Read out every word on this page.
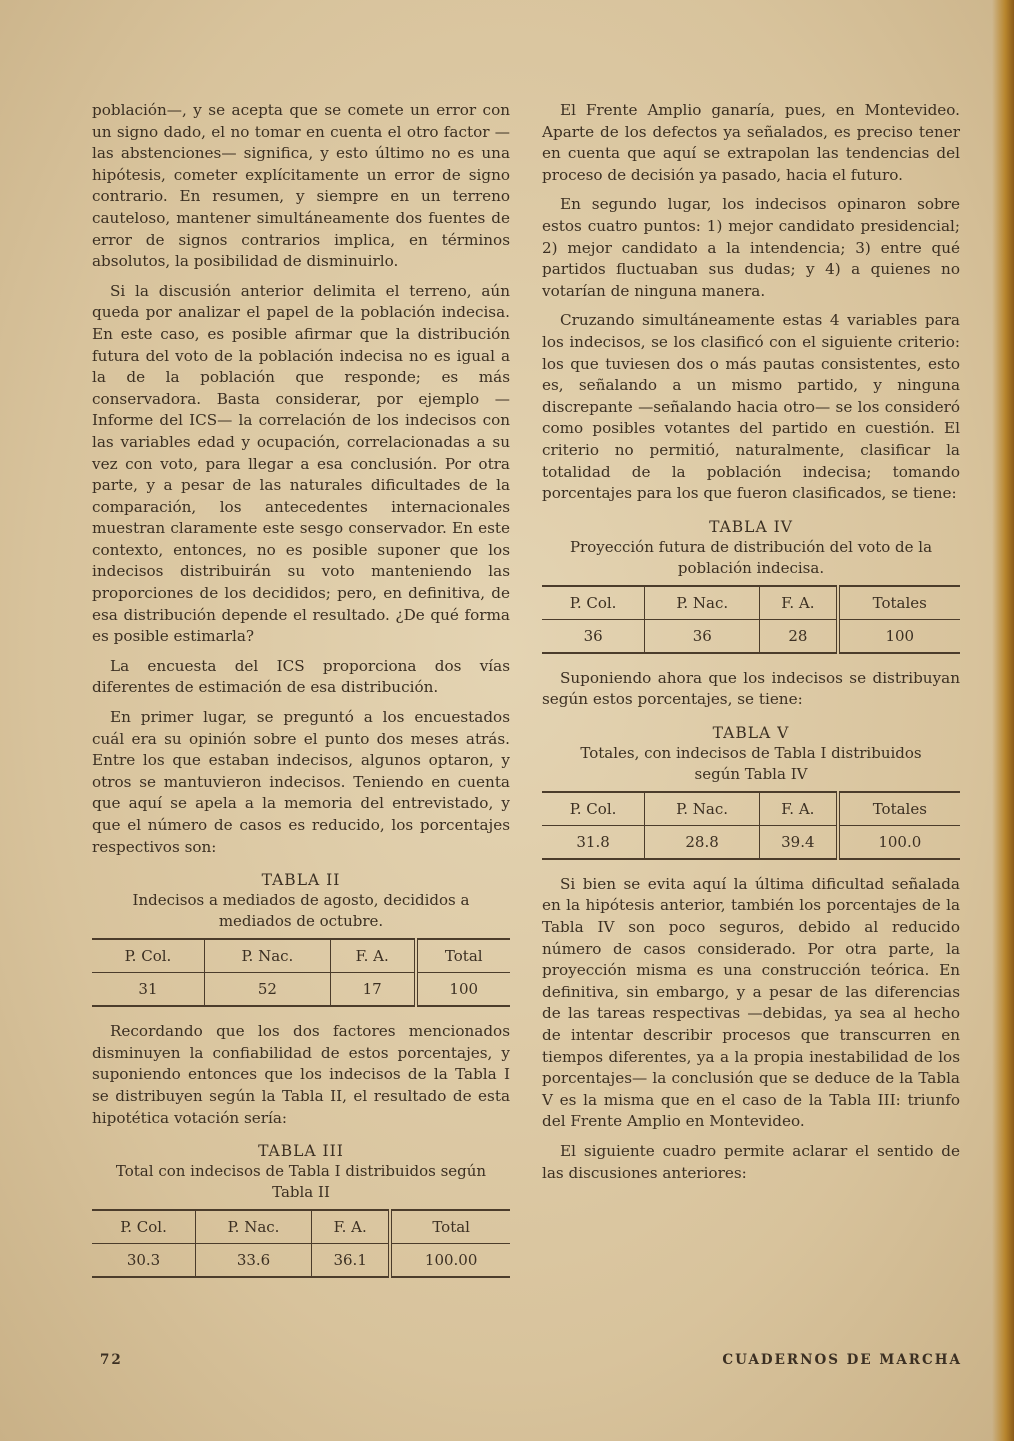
población—, y se acepta que se comete un error con un signo dado, el no tomar en cuenta el otro factor —las abstenciones— significa, y esto último no es una hipótesis, cometer explícitamente un error de signo contrario. En resumen, y siempre en un terreno cauteloso, mantener simultáneamente dos fuentes de error de signos contrarios implica, en términos absolutos, la posibilidad de disminuirlo.

Si la discusión anterior delimita el terreno, aún queda por analizar el papel de la población indecisa. En este caso, es posible afirmar que la distribución futura del voto de la población indecisa no es igual a la de la población que responde; es más conservadora. Basta considerar, por ejemplo —Informe del ICS— la correlación de los indecisos con las variables edad y ocupación, correlacionadas a su vez con voto, para llegar a esa conclusión. Por otra parte, y a pesar de las naturales dificultades de la comparación, los antecedentes internacionales muestran claramente este sesgo conservador. En este contexto, entonces, no es posible suponer que los indecisos distribuirán su voto manteniendo las proporciones de los decididos; pero, en definitiva, de esa distribución depende el resultado. ¿De qué forma es posible estimarla?

La encuesta del ICS proporciona dos vías diferentes de estimación de esa distribución.

En primer lugar, se preguntó a los encuestados cuál era su opinión sobre el punto dos meses atrás. Entre los que estaban indecisos, algunos optaron, y otros se mantuvieron indecisos. Teniendo en cuenta que aquí se apela a la memoria del entrevistado, y que el número de casos es reducido, los porcentajes respectivos son:

TABLA II
Indecisos a mediados de agosto, decididos a mediados de octubre.
P. Col.	P. Nac.	F. A.	Total
31	52	17	100

Recordando que los dos factores mencionados disminuyen la confiabilidad de estos porcentajes, y suponiendo entonces que los indecisos de la Tabla I se distribuyen según la Tabla II, el resultado de esta hipotética votación sería:

TABLA III
Total con indecisos de Tabla I distribuidos según Tabla II
P. Col.	P. Nac.	F. A.	Total
30.3	33.6	36.1	100.00

El Frente Amplio ganaría, pues, en Montevideo. Aparte de los defectos ya señalados, es preciso tener en cuenta que aquí se extrapolan las tendencias del proceso de decisión ya pasado, hacia el futuro.

En segundo lugar, los indecisos opinaron sobre estos cuatro puntos: 1) mejor candidato presidencial; 2) mejor candidato a la intendencia; 3) entre qué partidos fluctuaban sus dudas; y 4) a quienes no votarían de ninguna manera.

Cruzando simultáneamente estas 4 variables para los indecisos, se los clasificó con el siguiente criterio: los que tuviesen dos o más pautas consistentes, esto es, señalando a un mismo partido, y ninguna discrepante —señalando hacia otro— se los consideró como posibles votantes del partido en cuestión. El criterio no permitió, naturalmente, clasificar la totalidad de la población indecisa; tomando porcentajes para los que fueron clasificados, se tiene:

TABLA IV
Proyección futura de distribución del voto de la población indecisa.
P. Col.	P. Nac.	F. A.	Totales
36	36	28	100

Suponiendo ahora que los indecisos se distribuyan según estos porcentajes, se tiene:

TABLA V
Totales, con indecisos de Tabla I distribuidos según Tabla IV
P. Col.	P. Nac.	F. A.	Totales
31.8	28.8	39.4	100.0

Si bien se evita aquí la última dificultad señalada en la hipótesis anterior, también los porcentajes de la Tabla IV son poco seguros, debido al reducido número de casos considerado. Por otra parte, la proyección misma es una construcción teórica. En definitiva, sin embargo, y a pesar de las diferencias de las tareas respectivas —debidas, ya sea al hecho de intentar describir procesos que transcurren en tiempos diferentes, ya a la propia inestabilidad de los porcentajes— la conclusión que se deduce de la Tabla V es la misma que en el caso de la Tabla III: triunfo del Frente Amplio en Montevideo.

El siguiente cuadro permite aclarar el sentido de las discusiones anteriores:

72	CUADERNOS DE MARCHA
